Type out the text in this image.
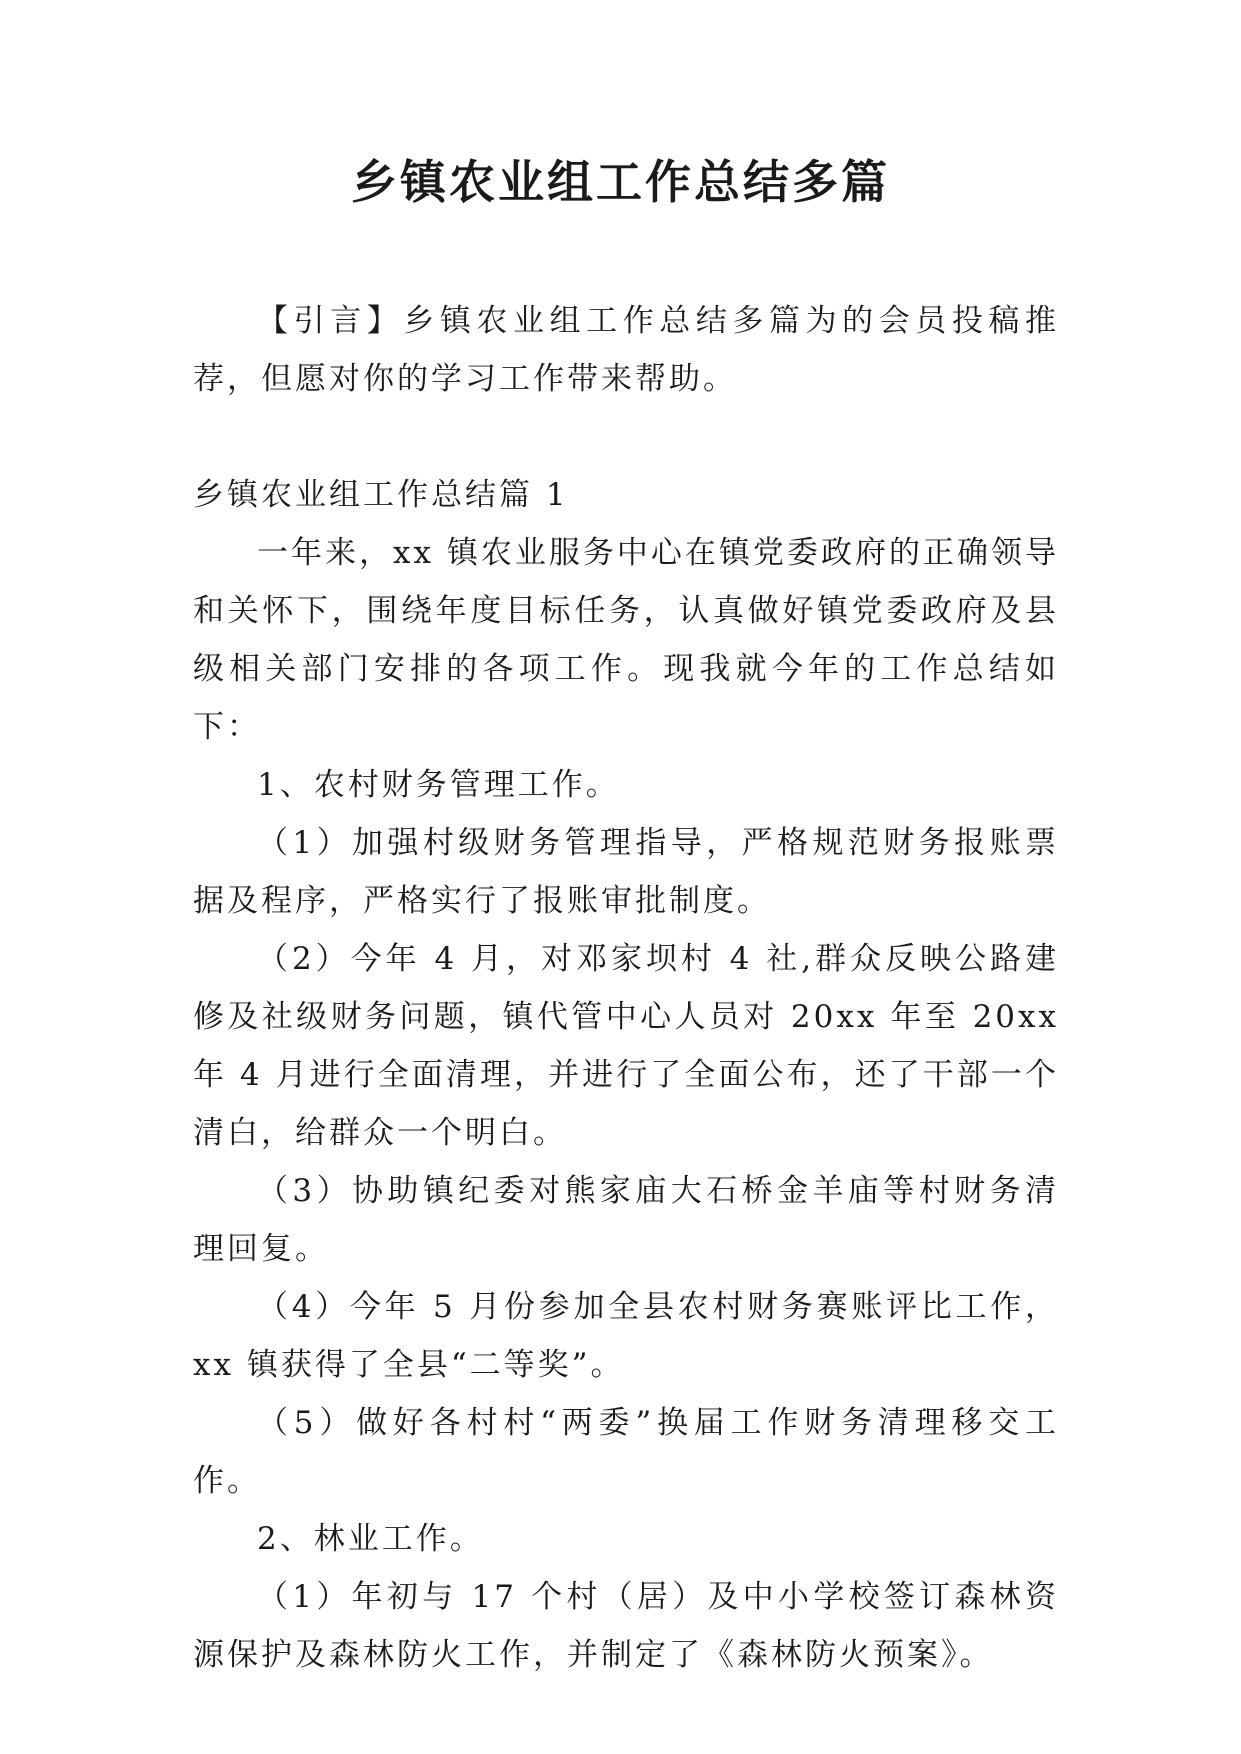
乡镇农业组工作总结多篇

【引言】乡镇农业组工作总结多篇为的会员投稿推荐，但愿对你的学习工作带来帮助。

乡镇农业组工作总结篇 1

一年来，xx 镇农业服务中心在镇党委政府的正确领导和关怀下，围绕年度目标任务，认真做好镇党委政府及县级相关部门安排的各项工作。现我就今年的工作总结如下：

1、农村财务管理工作。

（1）加强村级财务管理指导，严格规范财务报账票据及程序，严格实行了报账审批制度。

（2）今年 4 月，对邓家坝村 4 社,群众反映公路建修及社级财务问题，镇代管中心人员对 20xx 年至 20xx 年 4 月进行全面清理，并进行了全面公布，还了干部一个清白，给群众一个明白。

（3）协助镇纪委对熊家庙大石桥金羊庙等村财务清理回复。

（4）今年 5 月份参加全县农村财务赛账评比工作，xx 镇获得了全县“二等奖”。

（5）做好各村村“两委”换届工作财务清理移交工作。

2、林业工作。

（1）年初与 17 个村（居）及中小学校签订森林资源保护及森林防火工作，并制定了《森林防火预案》。
